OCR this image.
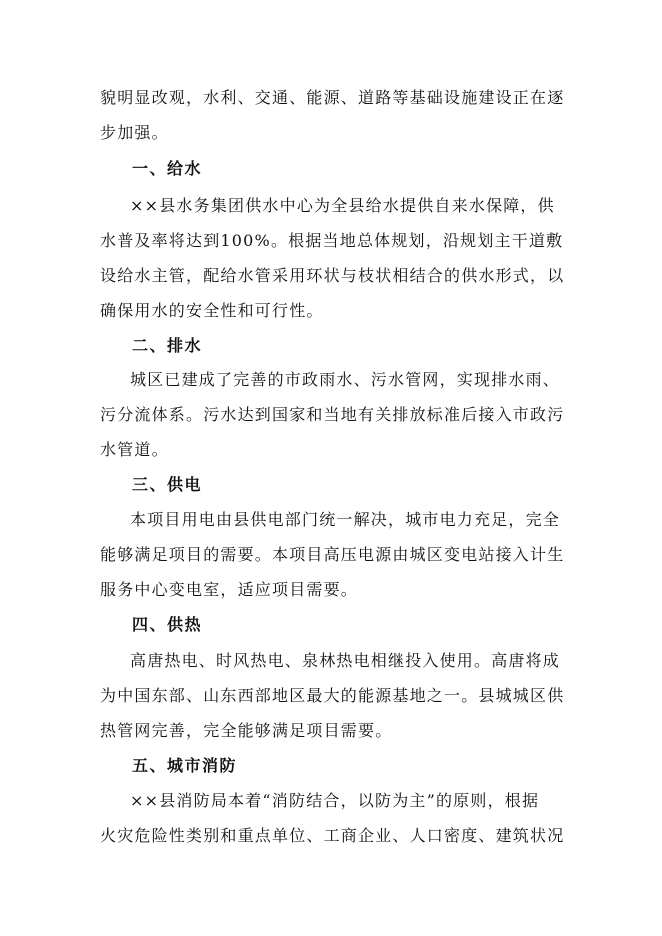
貌明显改观，水利、交通、能源、道路等基础设施建设正在逐
步加强。
一、给水
××县水务集团供水中心为全县给水提供自来水保障，供
水普及率将达到100%。根据当地总体规划，沿规划主干道敷
设给水主管，配给水管采用环状与枝状相结合的供水形式，以
确保用水的安全性和可行性。
二、排水
城区已建成了完善的市政雨水、污水管网，实现排水雨、
污分流体系。污水达到国家和当地有关排放标准后接入市政污
水管道。
三、供电
本项目用电由县供电部门统一解决，城市电力充足，完全
能够满足项目的需要。本项目高压电源由城区变电站接入计生
服务中心变电室，适应项目需要。
四、供热
高唐热电、时风热电、泉林热电相继投入使用。高唐将成
为中国东部、山东西部地区最大的能源基地之一。县城城区供
热管网完善，完全能够满足项目需要。
五、城市消防
××县消防局本着“消防结合，以防为主”的原则，根据
火灾危险性类别和重点单位、工商企业、人口密度、建筑状况
